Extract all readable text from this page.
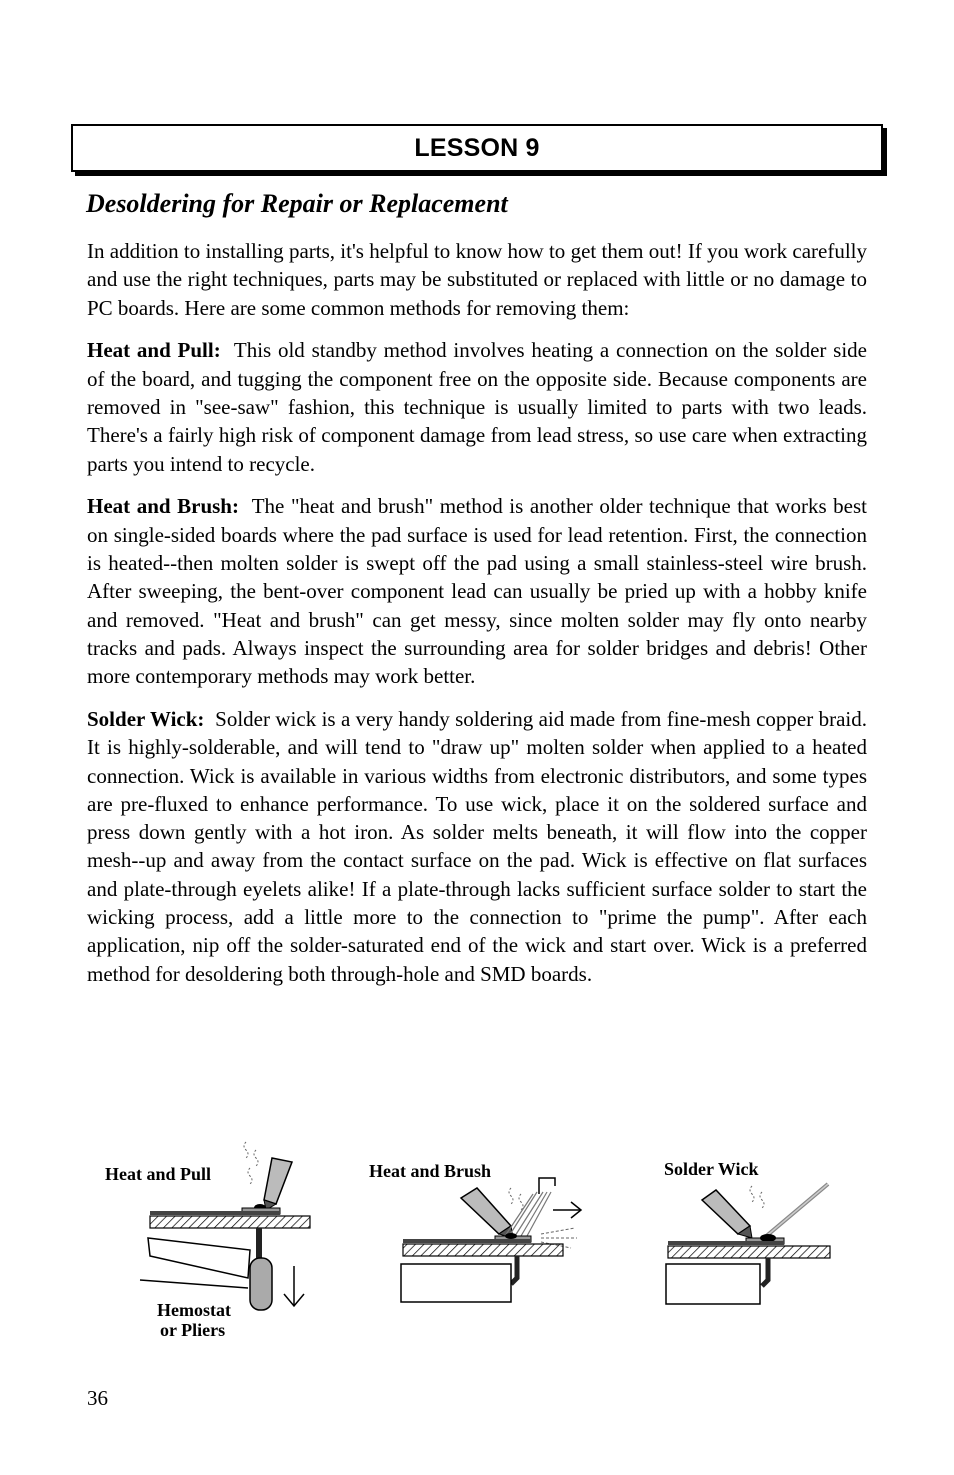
LESSON 9
Desoldering for Repair or Replacement

In addition to installing parts, it's helpful to know how to get them out! If you work carefully and use the right techniques, parts may be substituted or replaced with little or no damage to PC boards. Here are some common methods for removing them:

Heat and Pull: This old standby method involves heating a connection on the solder side of the board, and tugging the component free on the opposite side. Because components are removed in "see-saw" fashion, this technique is usually limited to parts with two leads. There's a fairly high risk of component damage from lead stress, so use care when extracting parts you intend to recycle.

Heat and Brush: The "heat and brush" method is another older technique that works best on single-sided boards where the pad surface is used for lead retention. First, the connection is heated--then molten solder is swept off the pad using a small stainless-steel wire brush. After sweeping, the bent-over component lead can usually be pried up with a hobby knife and removed. "Heat and brush" can get messy, since molten solder may fly onto nearby tracks and pads. Always inspect the surrounding area for solder bridges and debris! Other more contemporary methods may work better.

Solder Wick: Solder wick is a very handy soldering aid made from fine-mesh copper braid. It is highly-solderable, and will tend to "draw up" molten solder when applied to a heated connection. Wick is available in various widths from electronic distributors, and some types are pre-fluxed to enhance performance. To use wick, place it on the soldered surface and press down gently with a hot iron. As solder melts beneath, it will flow into the copper mesh--up and away from the contact surface on the pad. Wick is effective on flat surfaces and plate-through eyelets alike! If a plate-through lacks sufficient surface solder to start the wicking process, add a little more to the connection to "prime the pump". After each application, nip off the solder-saturated end of the wick and start over. Wick is a preferred method for desoldering both through-hole and SMD boards.

Heat and Pull
Hemostat
or Pliers
Heat and Brush	Solder Wick
36
